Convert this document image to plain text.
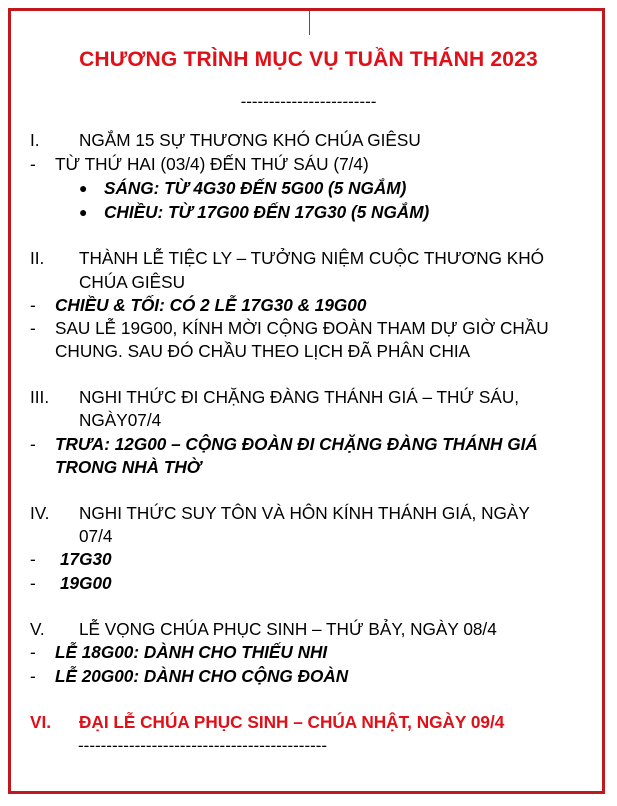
CHƯƠNG TRÌNH MỤC VỤ TUẦN THÁNH 2023
------------------------
I. NGẮM 15 SỰ THƯƠNG KHÓ CHÚA GIÊSU
- TỪ THỨ HAI (03/4) ĐẾN THỨ SÁU (7/4)
● SÁNG: TỪ 4G30 ĐẾN 5G00 (5 NGẮM)
● CHIỀU: TỪ 17G00 ĐẾN 17G30 (5 NGẮM)
II. THÀNH LỄ TIỆC LY – TƯỞNG NIỆM CUỘC THƯƠNG KHÓ
CHÚA GIÊSU
- CHIỀU & TỐI: CÓ 2 LỄ 17G30 & 19G00
- SAU LỄ 19G00, KÍNH MỜI CỘNG ĐOÀN THAM DỰ GIỜ CHẦU
CHUNG. SAU ĐÓ CHẦU THEO LỊCH ĐÃ PHÂN CHIA
III. NGHI THỨC ĐI CHẶNG ĐÀNG THÁNH GIÁ – THỨ SÁU,
NGÀY07/4
- TRƯA: 12G00 – CỘNG ĐOÀN ĐI CHẶNG ĐÀNG THÁNH GIÁ
TRONG NHÀ THỜ
IV. NGHI THỨC SUY TÔN VÀ HÔN KÍNH THÁNH GIÁ, NGÀY
07/4
- 17G30
- 19G00
V. LỄ VỌNG CHÚA PHỤC SINH – THỨ BẢY, NGÀY 08/4
- LỄ 18G00: DÀNH CHO THIẾU NHI
- LỄ 20G00: DÀNH CHO CỘNG ĐOÀN
VI. ĐẠI LỄ CHÚA PHỤC SINH – CHÚA NHẬT, NGÀY 09/4
--------------------------------------------
